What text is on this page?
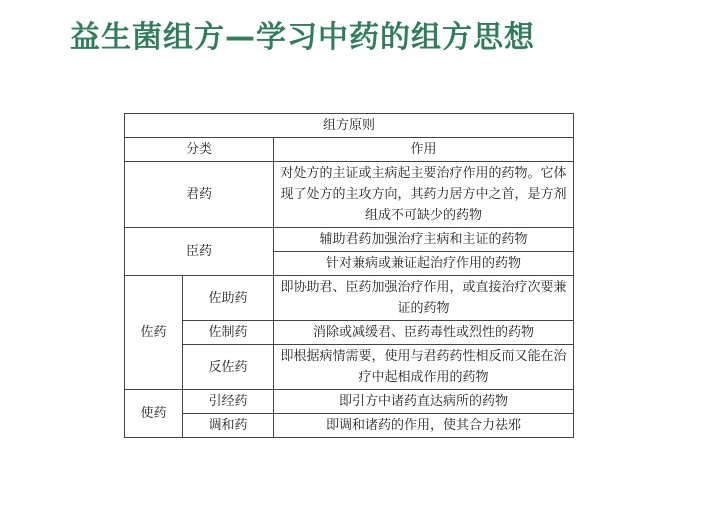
益生菌组方—学习中药的组方思想
组方原则		
分类		作用
君药		对处方的主证或主病起主要治疗作用的药物。它体现了处方的主攻方向，其药力居方中之首，是方剂组成不可缺少的药物
臣药		辅助君药加强治疗主病和主证的药物
		针对兼病或兼证起治疗作用的药物
佐药	佐助药	即协助君、臣药加强治疗作用，或直接治疗次要兼证的药物
	佐制药	消除或减缓君、臣药毒性或烈性的药物
	反佐药	即根据病情需要，使用与君药药性相反而又能在治疗中起相成作用的药物
使药	引经药	即引方中诸药直达病所的药物
	调和药	即调和诸药的作用，使其合力祛邪
